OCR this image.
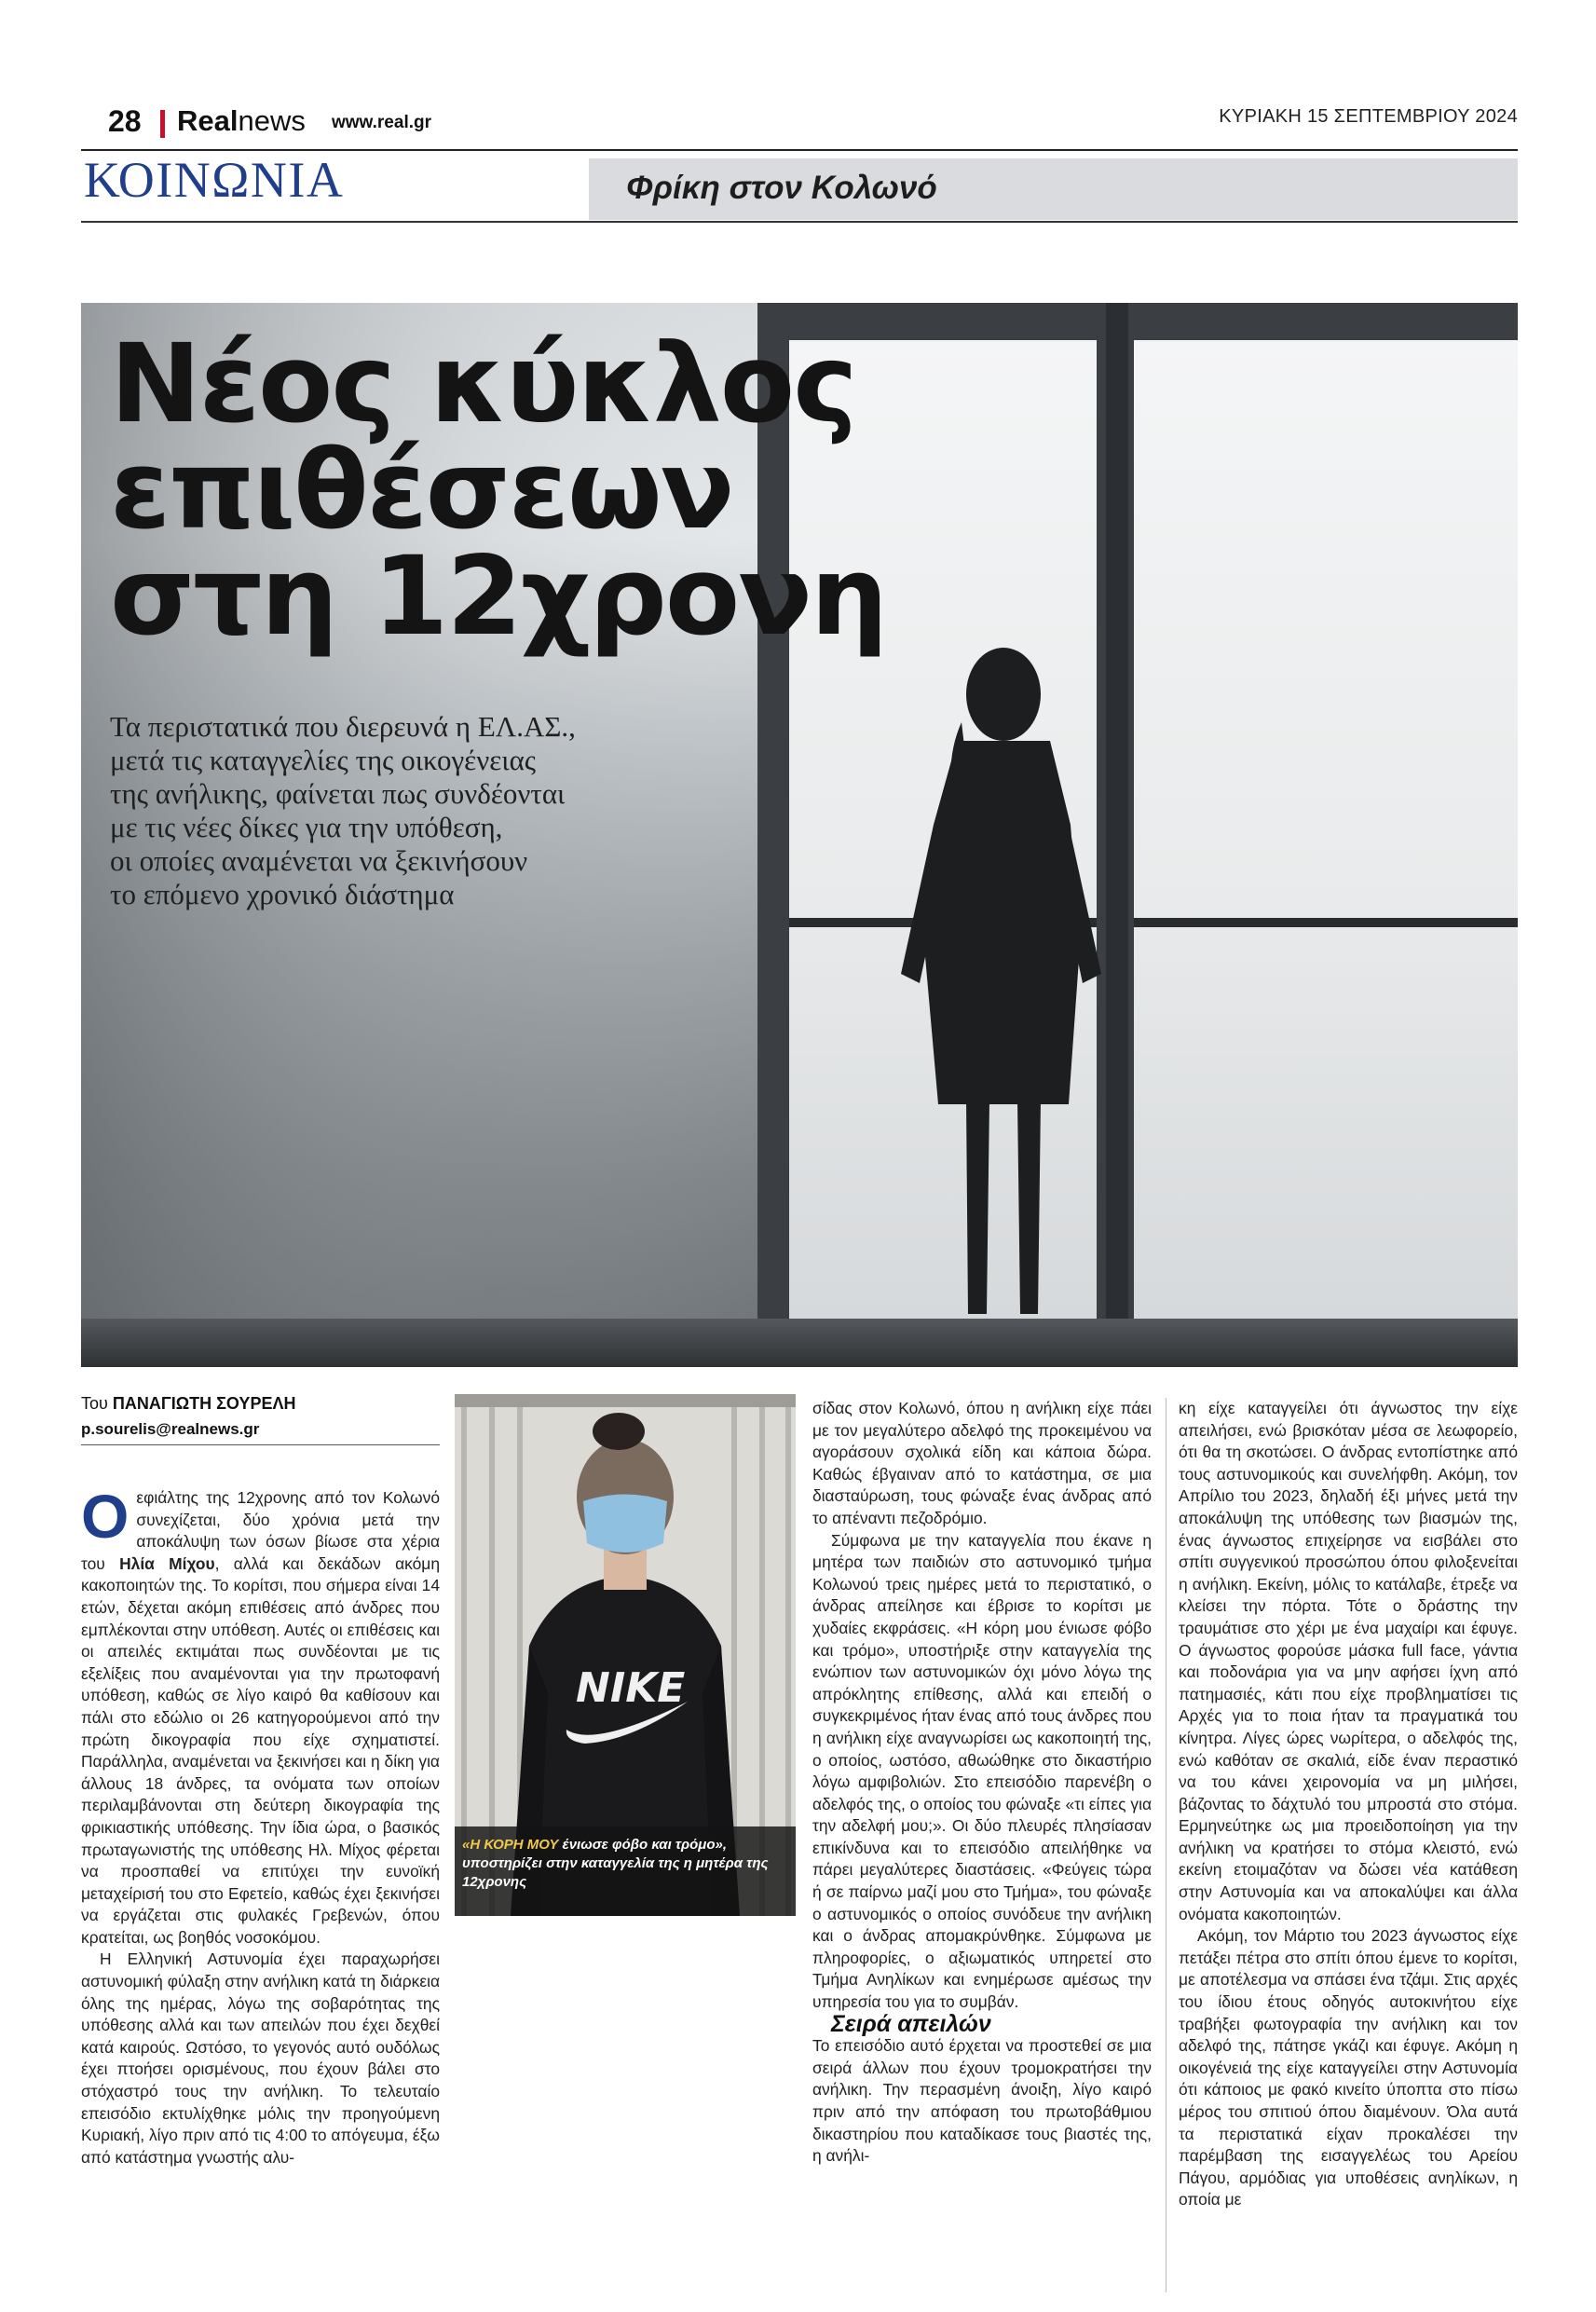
28 Realnews www.real.gr	ΚΥΡΙΑΚΗ 15 ΣΕΠΤΕΜΒΡΙΟΥ 2024
ΚΟΙΝΩΝΙΑ	Φρίκη στον Κολωνό
Νέος κύκλος
επιθέσεων
στη 12χρονη
Τα περιστατικά που διερευνά η ΕΛ.ΑΣ.,
μετά τις καταγγελίες της οικογένειας
της ανήλικης, φαίνεται πως συνδέονται
με τις νέες δίκες για την υπόθεση,
οι οποίες αναμένεται να ξεκινήσουν
το επόμενο χρονικό διάστημα
Του ΠΑΝΑΓΙΩΤΗ ΣΟΥΡΕΛΗ
p.sourelis@realnews.gr

Οεφιάλτης της 12χρονης από τον Κολωνό συνεχίζεται, δύο χρόνια μετά την αποκάλυψη των όσων βίωσε στα χέρια του Ηλία Μίχου, αλλά και δεκάδων ακόμη κακοποιητών της. Το κορίτσι, που σήμερα είναι 14 ετών, δέχεται ακόμη επιθέσεις από άνδρες που εμπλέκονται στην υπόθεση. Αυτές οι επιθέσεις και οι απειλές εκτιμάται πως συνδέονται με τις εξελίξεις που αναμένονται για την πρωτοφανή υπόθεση, καθώς σε λίγο καιρό θα καθίσουν και πάλι στο εδώλιο οι 26 κατηγορούμενοι από την πρώτη δικογραφία που είχε σχηματιστεί. Παράλληλα, αναμένεται να ξεκινήσει και η δίκη για άλλους 18 άνδρες, τα ονόματα των οποίων περιλαμβάνονται στη δεύτερη δικογραφία της φρικιαστικής υπόθεσης. Την ίδια ώρα, ο βασικός πρωταγωνιστής της υπόθεσης Ηλ. Μίχος φέρεται να προσπαθεί να επιτύχει την ευνοϊκή μεταχείρισή του στο Εφετείο, καθώς έχει ξεκινήσει να εργάζεται στις φυλακές Γρεβενών, όπου κρατείται, ως βοηθός νοσοκόμου.

Η Ελληνική Αστυνομία έχει παραχωρήσει αστυνομική φύλαξη στην ανήλικη κατά τη διάρκεια όλης της ημέρας, λόγω της σοβαρότητας της υπόθεσης αλλά και των απειλών που έχει δεχθεί κατά καιρούς. Ωστόσο, το γεγονός αυτό ουδόλως έχει πτοήσει ορισμένους, που έχουν βάλει στο στόχαστρό τους την ανήλικη. Το τελευταίο επεισόδιο εκτυλίχθηκε μόλις την προηγούμενη Κυριακή, λίγο πριν από τις 4:00 το απόγευμα, έξω από κατάστημα γνωστής αλυ-

NIKE
«Η ΚΟΡΗ ΜΟΥ ένιωσε φόβο και τρόμο», υποστηρίζει στην καταγγελία της η μητέρα της 12χρονης

σίδας στον Κολωνό, όπου η ανήλικη είχε πάει με τον μεγαλύτερο αδελφό της προκειμένου να αγοράσουν σχολικά είδη και κάποια δώρα. Καθώς έβγαιναν από το κατάστημα, σε μια διασταύρωση, τους φώναξε ένας άνδρας από το απέναντι πεζοδρόμιο.

Σύμφωνα με την καταγγελία που έκανε η μητέρα των παιδιών στο αστυνομικό τμήμα Κολωνού τρεις ημέρες μετά το περιστατικό, ο άνδρας απείλησε και έβρισε το κορίτσι με χυδαίες εκφράσεις. «Η κόρη μου ένιωσε φόβο και τρόμο», υποστήριξε στην καταγγελία της ενώπιον των αστυνομικών όχι μόνο λόγω της απρόκλητης επίθεσης, αλλά και επειδή ο συγκεκριμένος ήταν ένας από τους άνδρες που η ανήλικη είχε αναγνωρίσει ως κακοποιητή της, ο οποίος, ωστόσο, αθωώθηκε στο δικαστήριο λόγω αμφιβολιών. Στο επεισόδιο παρενέβη ο αδελφός της, ο οποίος του φώναξε «τι είπες για την αδελφή μου;». Οι δύο πλευρές πλησίασαν επικίνδυνα και το επεισόδιο απειλήθηκε να πάρει μεγαλύτερες διαστάσεις. «Φεύγεις τώρα ή σε παίρνω μαζί μου στο Τμήμα», του φώναξε ο αστυνομικός ο οποίος συνόδευε την ανήλικη και ο άνδρας απομακρύνθηκε. Σύμφωνα με πληροφορίες, ο αξιωματικός υπηρετεί στο Τμήμα Ανηλίκων και ενημέρωσε αμέσως την υπηρεσία του για το συμβάν.

Σειρά απειλών

Το επεισόδιο αυτό έρχεται να προστεθεί σε μια σειρά άλλων που έχουν τρομοκρατήσει την ανήλικη. Την περασμένη άνοιξη, λίγο καιρό πριν από την απόφαση του πρωτοβάθμιου δικαστηρίου που καταδίκασε τους βιαστές της, η ανήλι-

κη είχε καταγγείλει ότι άγνωστος την είχε απειλήσει, ενώ βρισκόταν μέσα σε λεωφορείο, ότι θα τη σκοτώσει. Ο άνδρας εντοπίστηκε από τους αστυνομικούς και συνελήφθη. Ακόμη, τον Απρίλιο του 2023, δηλαδή έξι μήνες μετά την αποκάλυψη της υπόθεσης των βιασμών της, ένας άγνωστος επιχείρησε να εισβάλει στο σπίτι συγγενικού προσώπου όπου φιλοξενείται η ανήλικη. Εκείνη, μόλις το κατάλαβε, έτρεξε να κλείσει την πόρτα. Τότε ο δράστης την τραυμάτισε στο χέρι με ένα μαχαίρι και έφυγε. Ο άγνωστος φορούσε μάσκα full face, γάντια και ποδονάρια για να μην αφήσει ίχνη από πατημασιές, κάτι που είχε προβληματίσει τις Αρχές για το ποια ήταν τα πραγματικά του κίνητρα. Λίγες ώρες νωρίτερα, ο αδελφός της, ενώ καθόταν σε σκαλιά, είδε έναν περαστικό να του κάνει χειρονομία να μη μιλήσει, βάζοντας το δάχτυλό του μπροστά στο στόμα. Ερμηνεύτηκε ως μια προειδοποίηση για την ανήλικη να κρατήσει το στόμα κλειστό, ενώ εκείνη ετοιμαζόταν να δώσει νέα κατάθεση στην Αστυνομία και να αποκαλύψει και άλλα ονόματα κακοποιητών.

Ακόμη, τον Μάρτιο του 2023 άγνωστος είχε πετάξει πέτρα στο σπίτι όπου έμενε το κορίτσι, με αποτέλεσμα να σπάσει ένα τζάμι. Στις αρχές του ίδιου έτους οδηγός αυτοκινήτου είχε τραβήξει φωτογραφία την ανήλικη και τον αδελφό της, πάτησε γκάζι και έφυγε. Ακόμη η οικογένειά της είχε καταγγείλει στην Αστυνομία ότι κάποιος με φακό κινείτο ύποπτα στο πίσω μέρος του σπιτιού όπου διαμένουν. Όλα αυτά τα περιστατικά είχαν προκαλέσει την παρέμβαση της εισαγγελέως του Αρείου Πάγου, αρμόδιας για υποθέσεις ανηλίκων, η οποία με
